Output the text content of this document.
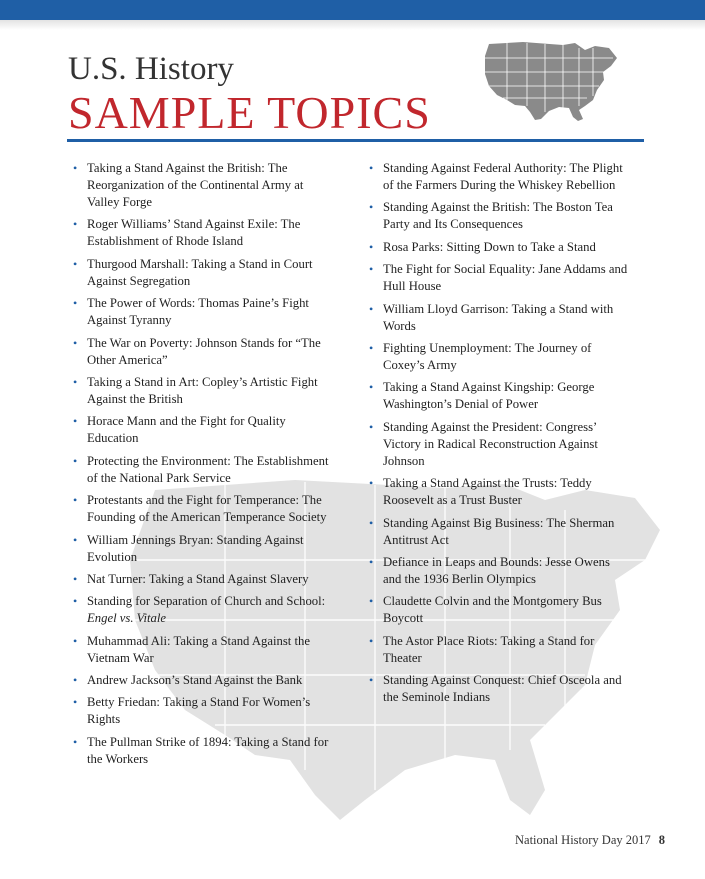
U.S. History
SAMPLE TOPICS
• Taking a Stand Against the British: The Reorganization of the Continental Army at Valley Forge
• Roger Williams’ Stand Against Exile: The Establishment of Rhode Island
• Thurgood Marshall: Taking a Stand in Court Against Segregation
• The Power of Words: Thomas Paine’s Fight Against Tyranny
• The War on Poverty: Johnson Stands for “The Other America”
• Taking a Stand in Art: Copley’s Artistic Fight Against the British
• Horace Mann and the Fight for Quality Education
• Protecting the Environment: The Establishment of the National Park Service
• Protestants and the Fight for Temperance: The Founding of the American Temperance Society
• William Jennings Bryan: Standing Against Evolution
• Nat Turner: Taking a Stand Against Slavery
• Standing for Separation of Church and School: Engel vs. Vitale
• Muhammad Ali: Taking a Stand Against the Vietnam War
• Andrew Jackson’s Stand Against the Bank
• Betty Friedan: Taking a Stand For Women’s Rights
• The Pullman Strike of 1894: Taking a Stand for the Workers
• Standing Against Federal Authority: The Plight of the Farmers During the Whiskey Rebellion
• Standing Against the British: The Boston Tea Party and Its Consequences
• Rosa Parks: Sitting Down to Take a Stand
• The Fight for Social Equality: Jane Addams and Hull House
• William Lloyd Garrison: Taking a Stand with Words
• Fighting Unemployment: The Journey of Coxey’s Army
• Taking a Stand Against Kingship: George Washington’s Denial of Power
• Standing Against the President: Congress’ Victory in Radical Reconstruction Against Johnson
• Taking a Stand Against the Trusts: Teddy Roosevelt as a Trust Buster
• Standing Against Big Business: The Sherman Antitrust Act
• Defiance in Leaps and Bounds: Jesse Owens and the 1936 Berlin Olympics
• Claudette Colvin and the Montgomery Bus Boycott
• The Astor Place Riots: Taking a Stand for Theater
• Standing Against Conquest: Chief Osceola and the Seminole Indians
National History Day 2017 8
